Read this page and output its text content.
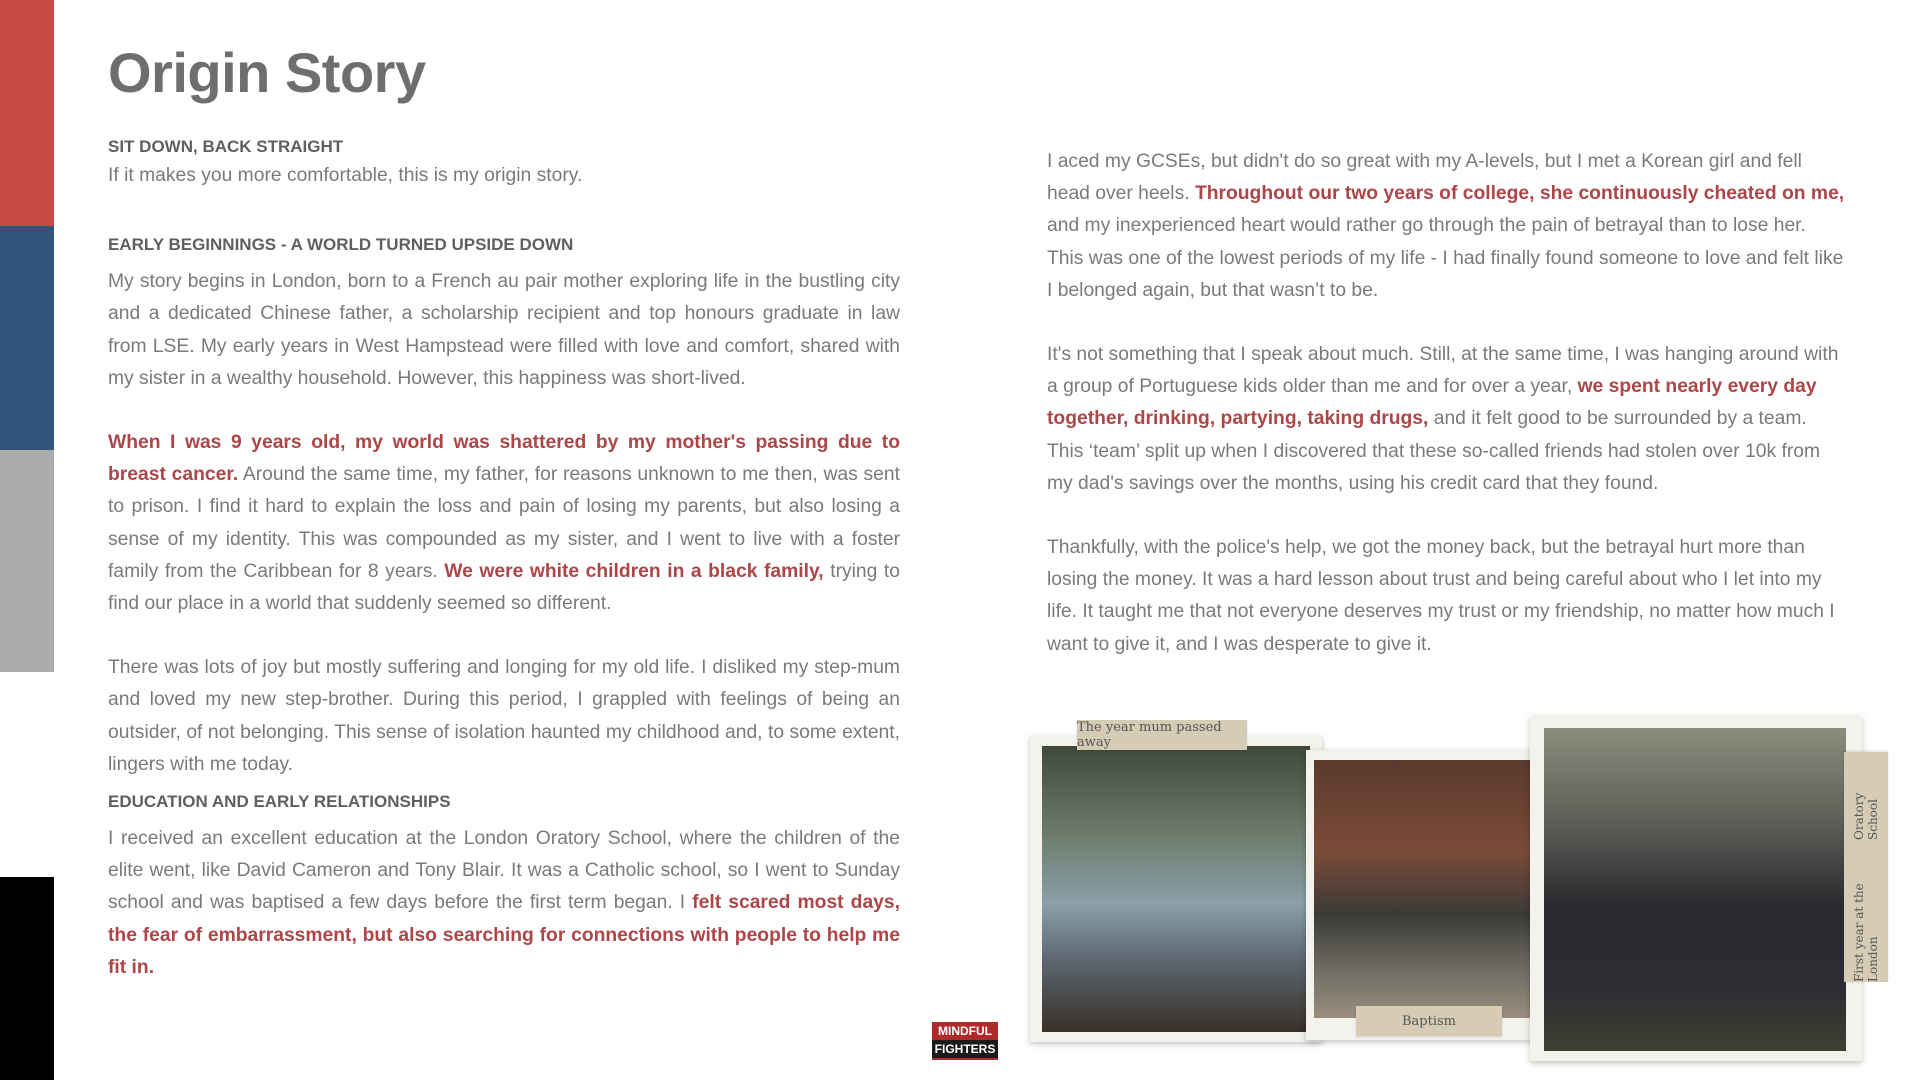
Origin Story

SIT DOWN, BACK STRAIGHT

If it makes you more comfortable, this is my origin story.

EARLY BEGINNINGS - A WORLD TURNED UPSIDE DOWN

My story begins in London, born to a French au pair mother exploring life in the bustling city and a dedicated Chinese father, a scholarship recipient and top honours graduate in law from LSE. My early years in West Hampstead were filled with love and comfort, shared with my sister in a wealthy household. However, this happiness was short-lived.

When I was 9 years old, my world was shattered by my mother's passing due to breast cancer. Around the same time, my father, for reasons unknown to me then, was sent to prison. I find it hard to explain the loss and pain of losing my parents, but also losing a sense of my identity. This was compounded as my sister, and I went to live with a foster family from the Caribbean for 8 years. We were white children in a black family, trying to find our place in a world that suddenly seemed so different.

There was lots of joy but mostly suffering and longing for my old life. I disliked my step-mum and loved my new step-brother. During this period, I grappled with feelings of being an outsider, of not belonging. This sense of isolation haunted my childhood and, to some extent, lingers with me today.

EDUCATION AND EARLY RELATIONSHIPS

I received an excellent education at the London Oratory School, where the children of the elite went, like David Cameron and Tony Blair. It was a Catholic school, so I went to Sunday school and was baptised a few days before the first term began. I felt scared most days, the fear of embarrassment, but also searching for connections with people to help me fit in.

I aced my GCSEs, but didn't do so great with my A-levels, but I met a Korean girl and fell head over heels. Throughout our two years of college, she continuously cheated on me, and my inexperienced heart would rather go through the pain of betrayal than to lose her. This was one of the lowest periods of my life - I had finally found someone to love and felt like I belonged again, but that wasn’t to be.

It's not something that I speak about much. Still, at the same time, I was hanging around with a group of Portuguese kids older than me and for over a year, we spent nearly every day together, drinking, partying, taking drugs, and it felt good to be surrounded by a team. This ‘team’ split up when I discovered that these so-called friends had stolen over 10k from my dad's savings over the months, using his credit card that they found.

Thankfully, with the police's help, we got the money back, but the betrayal hurt more than losing the money. It was a hard lesson about trust and being careful about who I let into my life. It taught me that not everyone deserves my trust or my friendship, no matter how much I want to give it, and I was desperate to give it.

The year mum passed away
Baptism
First year at the London
Oratory School
MINDFUL
FIGHTERS
